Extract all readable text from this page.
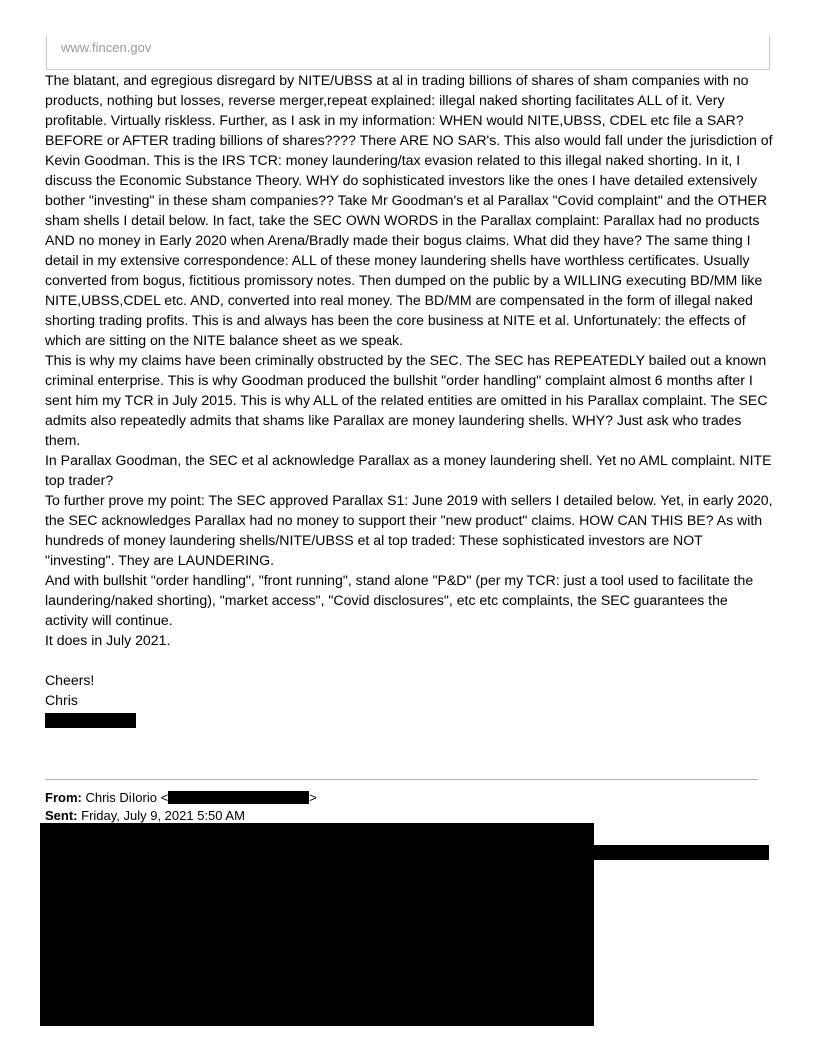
www.fincen.gov

The blatant, and egregious disregard by NITE/UBSS at al in trading billions of shares of sham companies with no products, nothing but losses, reverse merger,repeat explained: illegal naked shorting facilitates ALL of it. Very profitable. Virtually riskless. Further, as I ask in my information: WHEN would NITE,UBSS, CDEL etc file a SAR? BEFORE or AFTER trading billions of shares???? There ARE NO SAR's. This also would fall under the jurisdiction of Kevin Goodman. This is the IRS TCR: money laundering/tax evasion related to this illegal naked shorting. In it, I discuss the Economic Substance Theory. WHY do sophisticated investors like the ones I have detailed extensively bother "investing" in these sham companies?? Take Mr Goodman's et al Parallax "Covid complaint" and the OTHER sham shells I detail below. In fact, take the SEC OWN WORDS in the Parallax complaint: Parallax had no products AND no money in Early 2020 when Arena/Bradly made their bogus claims. What did they have? The same thing I detail in my extensive correspondence: ALL of these money laundering shells have worthless certificates. Usually converted from bogus, fictitious promissory notes. Then dumped on the public by a WILLING executing BD/MM like NITE,UBSS,CDEL etc. AND, converted into real money. The BD/MM are compensated in the form of illegal naked shorting trading profits. This is and always has been the core business at NITE et al. Unfortunately: the effects of which are sitting on the NITE balance sheet as we speak.

This is why my claims have been criminally obstructed by the SEC. The SEC has REPEATEDLY bailed out a known criminal enterprise. This is why Goodman produced the bullshit "order handling" complaint almost 6 months after I sent him my TCR in July 2015. This is why ALL of the related entities are omitted in his Parallax complaint. The SEC admits also repeatedly admits that shams like Parallax are money laundering shells. WHY? Just ask who trades them.

In Parallax Goodman, the SEC et al acknowledge Parallax as a money laundering shell. Yet no AML complaint. NITE top trader?

To further prove my point: The SEC approved Parallax S1: June 2019 with sellers I detailed below. Yet, in early 2020, the SEC acknowledges Parallax had no money to support their "new product" claims. HOW CAN THIS BE? As with hundreds of money laundering shells/NITE/UBSS et al top traded: These sophisticated investors are NOT "investing". They are LAUNDERING.

And with bullshit "order handling", "front running", stand alone "P&D" (per my TCR: just a tool used to facilitate the laundering/naked shorting), "market access", "Covid disclosures", etc etc complaints, the SEC guarantees the activity will continue.

It does in July 2021.

Cheers!

Chris

From: Chris DiIorio <	>
Sent: Friday, July 9, 2021 5:50 AM
